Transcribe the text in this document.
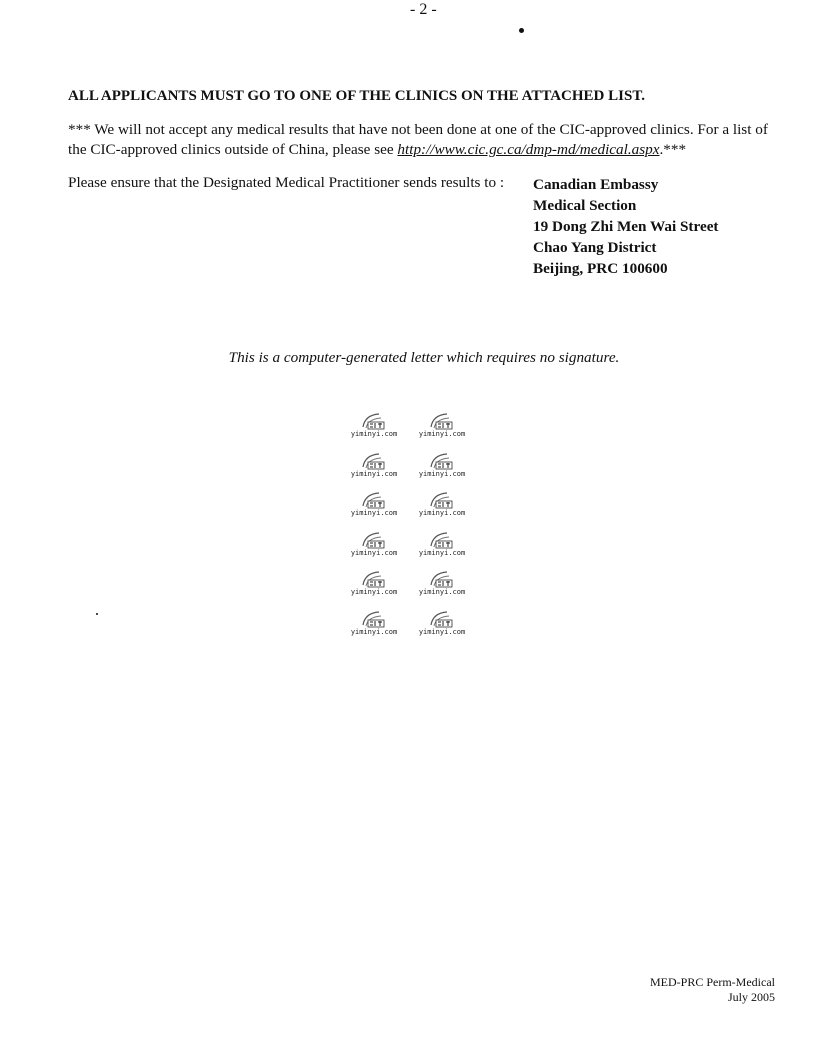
- 2 -
ALL APPLICANTS MUST GO TO ONE OF THE CLINICS ON THE ATTACHED LIST.
*** We will not accept any medical results that have not been done at one of the CIC-approved clinics. For a list of the CIC-approved clinics outside of China, please see http://www.cic.gc.ca/dmp-md/medical.aspx.***
Please ensure that the Designated Medical Practitioner sends results to : Canadian Embassy
Medical Section
19 Dong Zhi Men Wai Street
Chao Yang District
Beijing, PRC 100600
This is a computer-generated letter which requires no signature.
yiminyi.com	yiminyi.com
yiminyi.com	yiminyi.com
yiminyi.com	yiminyi.com
yiminyi.com	yiminyi.com
yiminyi.com	yiminyi.com
yiminyi.com	yiminyi.com
MED-PRC Perm-Medical
July 2005
